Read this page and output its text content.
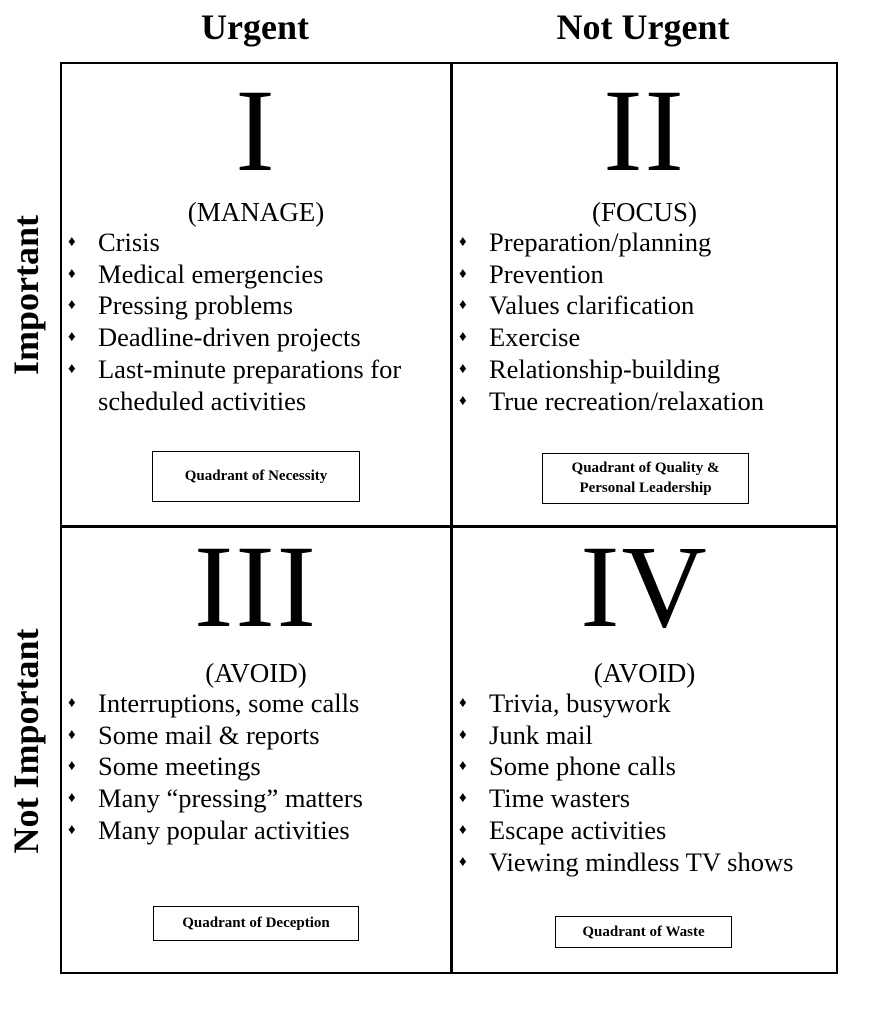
Urgent	Not Urgent
Important
Not Important
I
(MANAGE)
♦ Crisis
♦ Medical emergencies
♦ Pressing problems
♦ Deadline-driven projects
♦ Last-minute preparations for
scheduled activities
Quadrant of Necessity
II
(FOCUS)
♦ Preparation/planning
♦ Prevention
♦ Values clarification
♦ Exercise
♦ Relationship-building
♦ True recreation/relaxation
Quadrant of Quality &
Personal Leadership
III
(AVOID)
♦ Interruptions, some calls
♦ Some mail & reports
♦ Some meetings
♦ Many “pressing” matters
♦ Many popular activities
Quadrant of Deception
IV
(AVOID)
♦ Trivia, busywork
♦ Junk mail
♦ Some phone calls
♦ Time wasters
♦ Escape activities
♦ Viewing mindless TV shows
Quadrant of Waste
